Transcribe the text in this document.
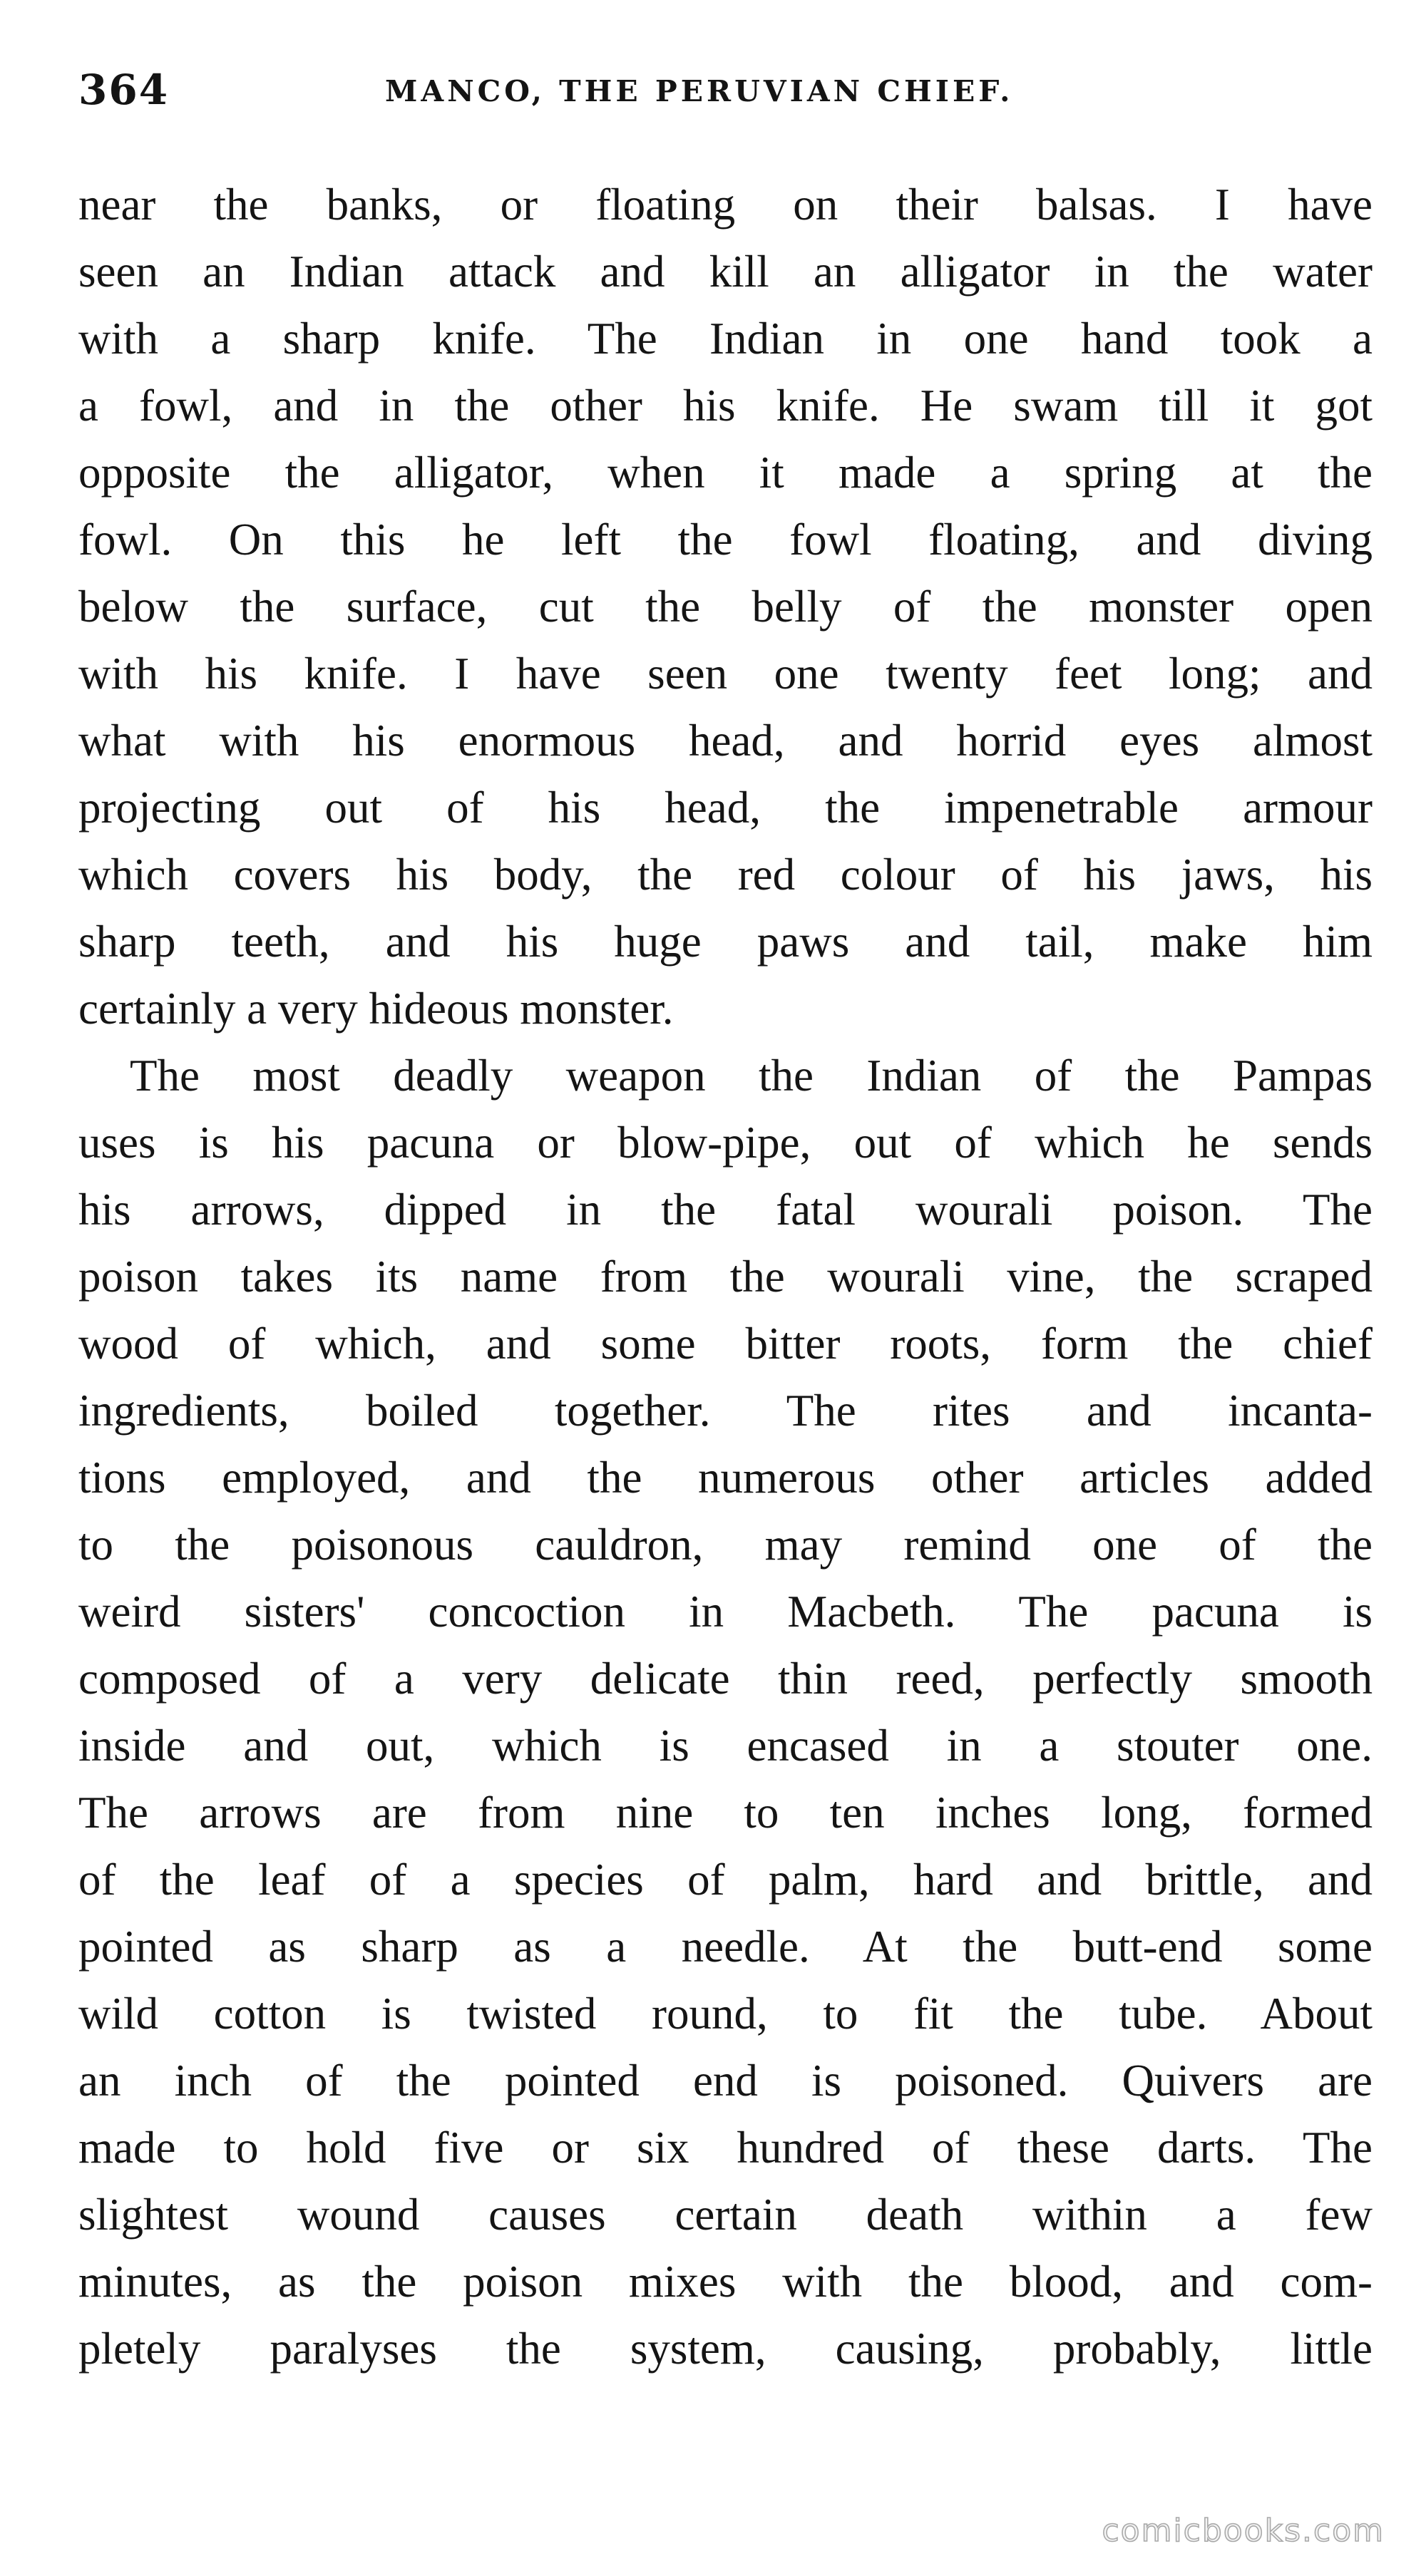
364	MANCO, THE PERUVIAN CHIEF.
near the banks, or floating on their balsas. I have
seen an Indian attack and kill an alligator in the water
with a sharp knife. The Indian in one hand took a
a fowl, and in the other his knife. He swam till it got
opposite the alligator, when it made a spring at the
fowl. On this he left the fowl floating, and diving
below the surface, cut the belly of the monster open
with his knife. I have seen one twenty feet long; and
what with his enormous head, and horrid eyes almost
projecting out of his head, the impenetrable armour
which covers his body, the red colour of his jaws, his
sharp teeth, and his huge paws and tail, make him
certainly a very hideous monster.
The most deadly weapon the Indian of the Pampas
uses is his pacuna or blow-pipe, out of which he sends
his arrows, dipped in the fatal wourali poison. The
poison takes its name from the wourali vine, the scraped
wood of which, and some bitter roots, form the chief
ingredients, boiled together. The rites and incanta-
tions employed, and the numerous other articles added
to the poisonous cauldron, may remind one of the
weird sisters' concoction in Macbeth. The pacuna is
composed of a very delicate thin reed, perfectly smooth
inside and out, which is encased in a stouter one.
The arrows are from nine to ten inches long, formed
of the leaf of a species of palm, hard and brittle, and
pointed as sharp as a needle. At the butt-end some
wild cotton is twisted round, to fit the tube. About
an inch of the pointed end is poisoned. Quivers are
made to hold five or six hundred of these darts. The
slightest wound causes certain death within a few
minutes, as the poison mixes with the blood, and com-
pletely paralyses the system, causing, probably, little
comicbooks.com
